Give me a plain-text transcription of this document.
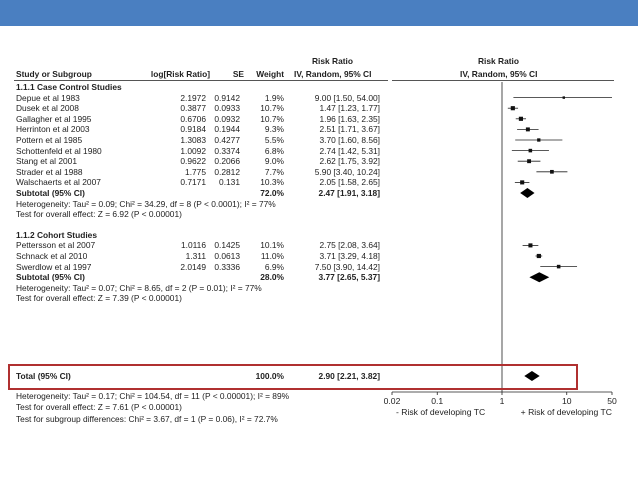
Risk Ratio	Risk Ratio
Study or Subgroup	log[Risk Ratio]	SE	Weight IV, Random, 95% CI	IV, Random, 95% CI
1.1.1 Case Control Studies
Depue et al 1983	2.1972 0.9142	1.9%	9.00 [1.50, 54.00]
Dusek et al 2008	0.3877 0.0933	10.7%	1.47 [1.23, 1.77]
Gallagher et al 1995	0.6706 0.0932	10.7%	1.96 [1.63, 2.35]
Herrinton et al 2003	0.9184 0.1944	9.3%	2.51 [1.71, 3.67]
Pottern et al 1985	1.3083 0.4277	5.5%	3.70 [1.60, 8.56]
Schottenfeld et al 1980	1.0092 0.3374	6.8%	2.74 [1.42, 5.31]
Stang et al 2001	0.9622 0.2066	9.0%	2.62 [1.75, 3.92]
Strader et al 1988	1.775 0.2812	7.7%	5.90 [3.40, 10.24]
Walschaerts et al 2007	0.7171	0.131	10.3%	2.05 [1.58, 2.65]
Subtotal (95% CI)	72.0%	2.47 [1.91, 3.18]
Heterogeneity: Tau² = 0.09; Chi² = 34.29, df = 8 (P < 0.0001); I² = 77%
Test for overall effect: Z = 6.92 (P < 0.00001)
1.1.2 Cohort Studies
Pettersson et al 2007	1.0116 0.1425	10.1%	2.75 [2.08, 3.64]
Schnack et al 2010	1.311 0.0613	11.0%	3.71 [3.29, 4.18]
Swerdlow et al 1997	2.0149 0.3336	6.9%	7.50 [3.90, 14.42]
Subtotal (95% CI)	28.0%	3.77 [2.65, 5.37]
Heterogeneity: Tau² = 0.07; Chi² = 8.65, df = 2 (P = 0.01); I² = 77%
Test for overall effect: Z = 7.39 (P < 0.00001)
Total (95% CI)	100.0%	2.90 [2.21, 3.82]
Heterogeneity: Tau² = 0.17; Chi² = 104.54, df = 11 (P < 0.00001); I² = 89%
Test for overall effect: Z = 7.61 (P < 0.00001)
Test for subgroup differences: Chi² = 3.67, df = 1 (P = 0.06), I² = 72.7%
0.02	0.1	1	10	50
- Risk of developing TC	+ Risk of developing TC
